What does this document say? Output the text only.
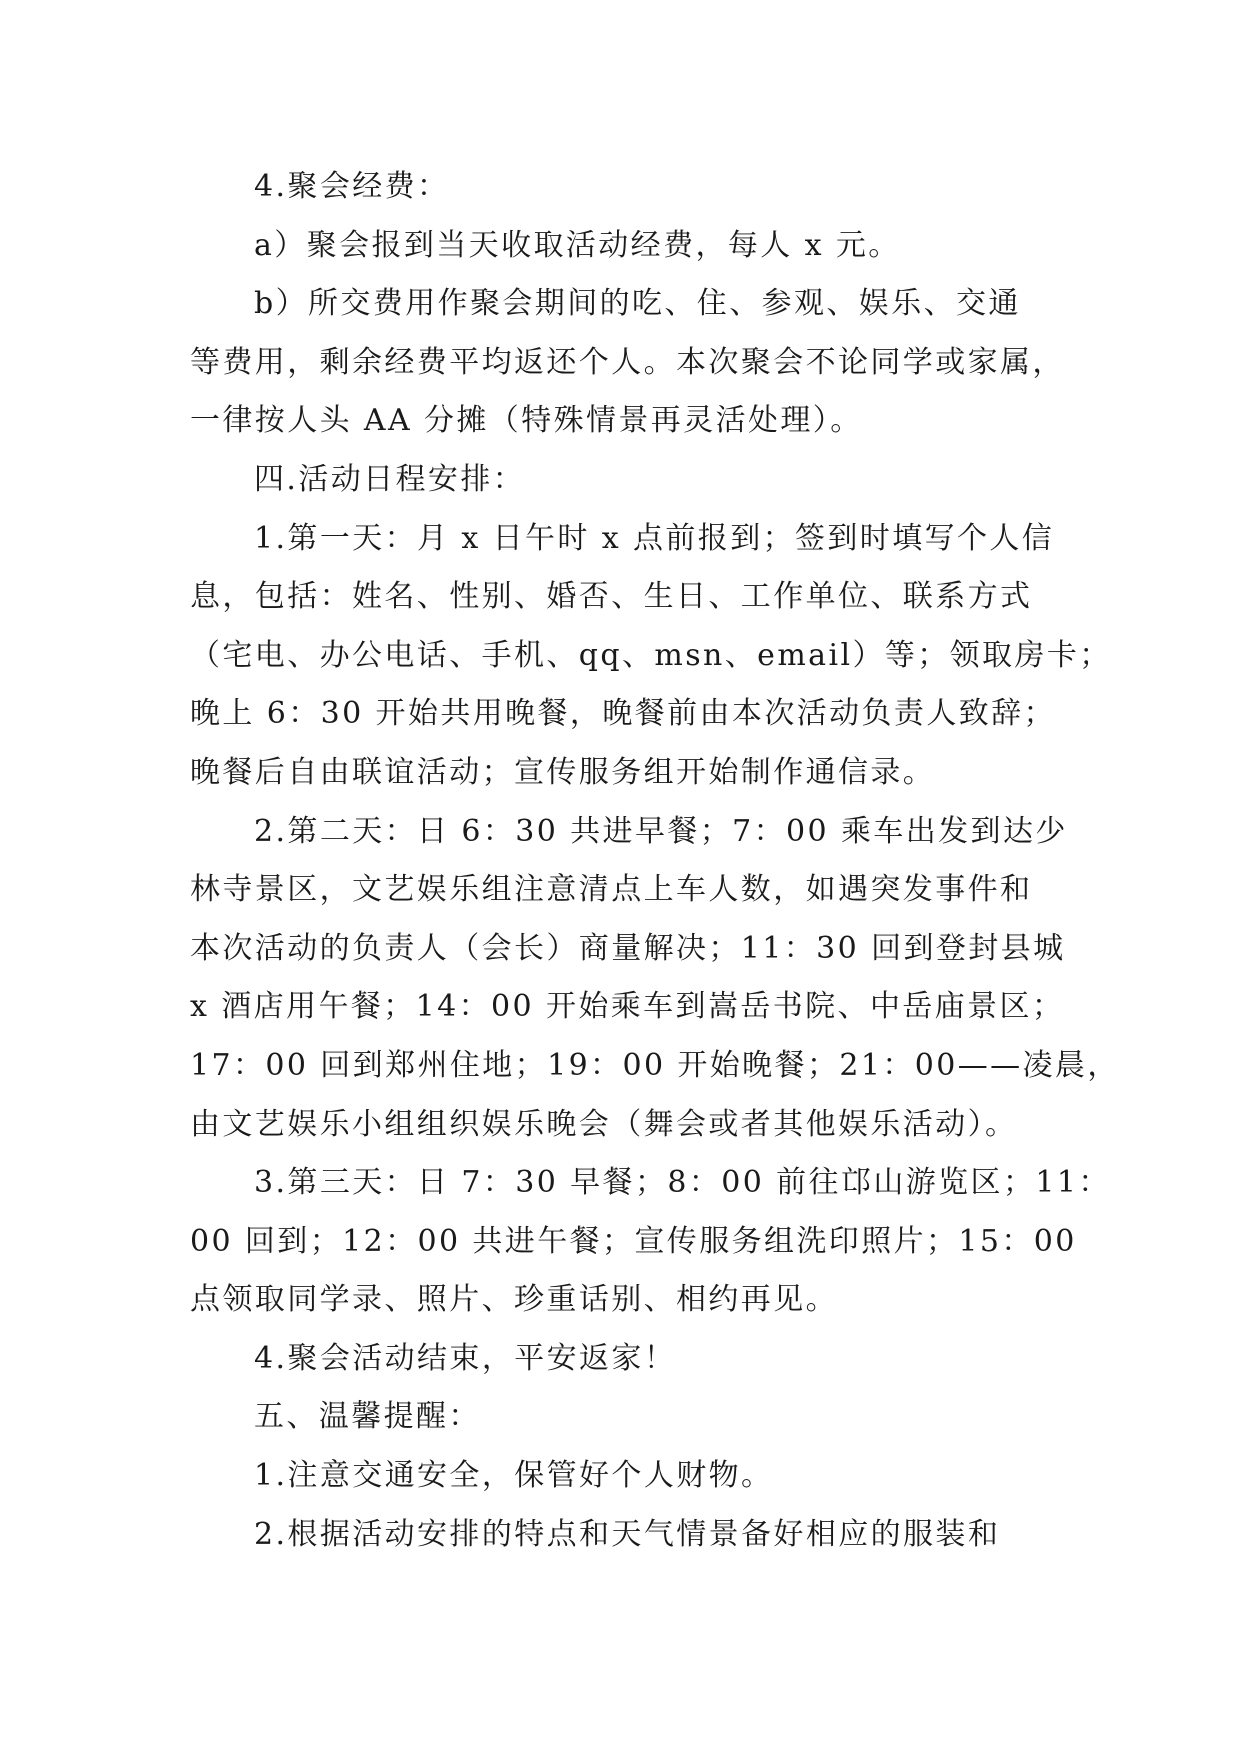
4.聚会经费：

a）聚会报到当天收取活动经费，每人 x 元。

b）所交费用作聚会期间的吃、住、参观、娱乐、交通
等费用，剩余经费平均返还个人。本次聚会不论同学或家属，
一律按人头 AA 分摊（特殊情景再灵活处理）。

四.活动日程安排：

1.第一天：月 x 日午时 x 点前报到；签到时填写个人信
息，包括：姓名、性别、婚否、生日、工作单位、联系方式
（宅电、办公电话、手机、qq、msn、email）等；领取房卡；
晚上 6：30 开始共用晚餐，晚餐前由本次活动负责人致辞；
晚餐后自由联谊活动；宣传服务组开始制作通信录。

2.第二天：日 6：30 共进早餐；7：00 乘车出发到达少
林寺景区，文艺娱乐组注意清点上车人数，如遇突发事件和
本次活动的负责人（会长）商量解决；11：30 回到登封县城
x 酒店用午餐；14：00 开始乘车到嵩岳书院、中岳庙景区；
17：00 回到郑州住地；19：00 开始晚餐；21：00——凌晨，
由文艺娱乐小组组织娱乐晚会（舞会或者其他娱乐活动）。

3.第三天：日 7：30 早餐；8：00 前往邙山游览区；11：
00 回到；12：00 共进午餐；宣传服务组洗印照片；15：00
点领取同学录、照片、珍重话别、相约再见。

4.聚会活动结束，平安返家！

五、温馨提醒：

1.注意交通安全，保管好个人财物。

2.根据活动安排的特点和天气情景备好相应的服装和
